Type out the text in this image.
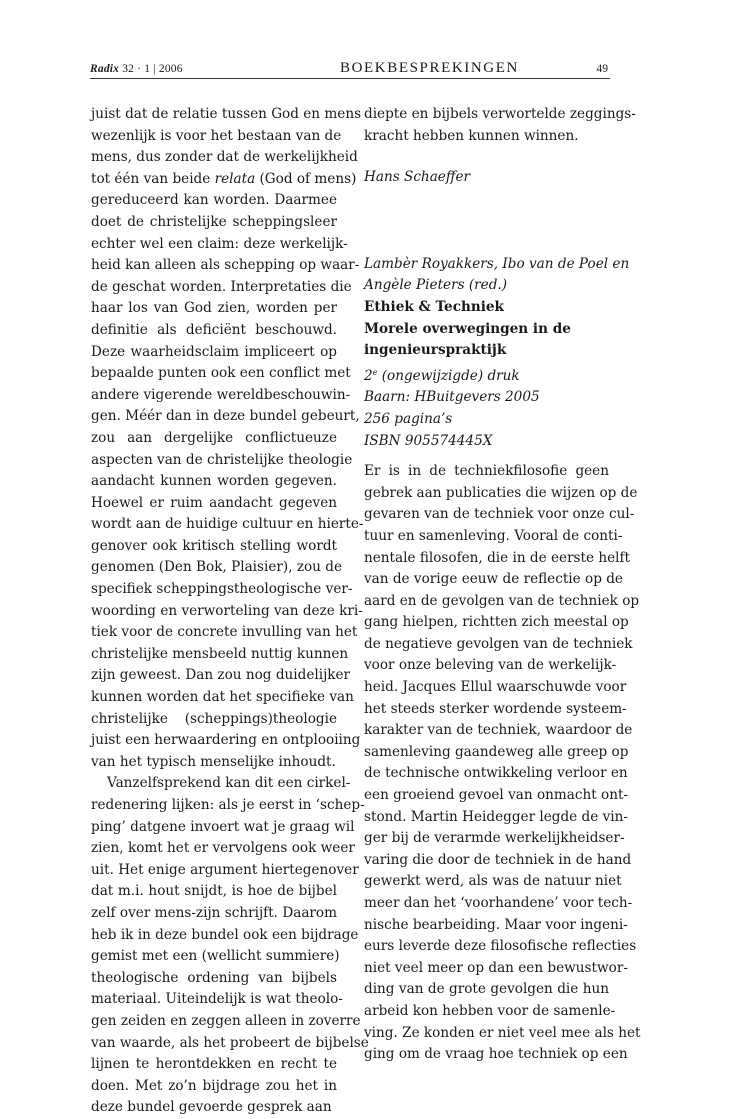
Radix 32 · 1 | 2006	BOEKBESPREKINGEN	49
juist dat de relatie tussen God en mens
wezenlijk is voor het bestaan van de
mens, dus zonder dat de werkelijkheid
tot één van beide relata (God of mens)
gereduceerd kan worden. Daarmee
doet de christelijke scheppingsleer
echter wel een claim: deze werkelijk-
heid kan alleen als schepping op waar-
de geschat worden. Interpretaties die
haar los van God zien, worden per
definitie als deficiënt beschouwd.
Deze waarheidsclaim impliceert op
bepaalde punten ook een conflict met
andere vigerende wereldbeschouwin-
gen. Méér dan in deze bundel gebeurt,
zou aan dergelijke conflictueuze
aspecten van de christelijke theologie
aandacht kunnen worden gegeven.
Hoewel er ruim aandacht gegeven
wordt aan de huidige cultuur en hierte-
genover ook kritisch stelling wordt
genomen (Den Bok, Plaisier), zou de
specifiek scheppingstheologische ver-
woording en verworteling van deze kri-
tiek voor de concrete invulling van het
christelijke mensbeeld nuttig kunnen
zijn geweest. Dan zou nog duidelijker
kunnen worden dat het specifieke van
christelijke (scheppings)theologie
juist een herwaardering en ontplooiing
van het typisch menselijke inhoudt.
Vanzelfsprekend kan dit een cirkel-
redenering lijken: als je eerst in ‘schep-
ping’ datgene invoert wat je graag wil
zien, komt het er vervolgens ook weer
uit. Het enige argument hiertegenover
dat m.i. hout snijdt, is hoe de bijbel
zelf over mens-zijn schrijft. Daarom
heb ik in deze bundel ook een bijdrage
gemist met een (wellicht summiere)
theologische ordening van bijbels
materiaal. Uiteindelijk is wat theolo-
gen zeiden en zeggen alleen in zoverre
van waarde, als het probeert de bijbelse
lijnen te herontdekken en recht te
doen. Met zo’n bijdrage zou het in
deze bundel gevoerde gesprek aan
diepte en bijbels verwortelde zeggings-
kracht hebben kunnen winnen.
Hans Schaeffer
Lambèr Royakkers, Ibo van de Poel en
Angèle Pieters (red.)
Ethiek & Techniek
Morele overwegingen in de
ingenieurspraktijk
2e (ongewijzigde) druk
Baarn: HBuitgevers 2005
256 pagina’s
ISBN 905574445X
Er is in de techniekfilosofie geen
gebrek aan publicaties die wijzen op de
gevaren van de techniek voor onze cul-
tuur en samenleving. Vooral de conti-
nentale filosofen, die in de eerste helft
van de vorige eeuw de reflectie op de
aard en de gevolgen van de techniek op
gang hielpen, richtten zich meestal op
de negatieve gevolgen van de techniek
voor onze beleving van de werkelijk-
heid. Jacques Ellul waarschuwde voor
het steeds sterker wordende systeem-
karakter van de techniek, waardoor de
samenleving gaandeweg alle greep op
de technische ontwikkeling verloor en
een groeiend gevoel van onmacht ont-
stond. Martin Heidegger legde de vin-
ger bij de verarmde werkelijkheidser-
varing die door de techniek in de hand
gewerkt werd, als was de natuur niet
meer dan het ‘voorhandene’ voor tech-
nische bearbeiding. Maar voor ingeni-
eurs leverde deze filosofische reflecties
niet veel meer op dan een bewustwor-
ding van de grote gevolgen die hun
arbeid kon hebben voor de samenle-
ving. Ze konden er niet veel mee als het
ging om de vraag hoe techniek op een
